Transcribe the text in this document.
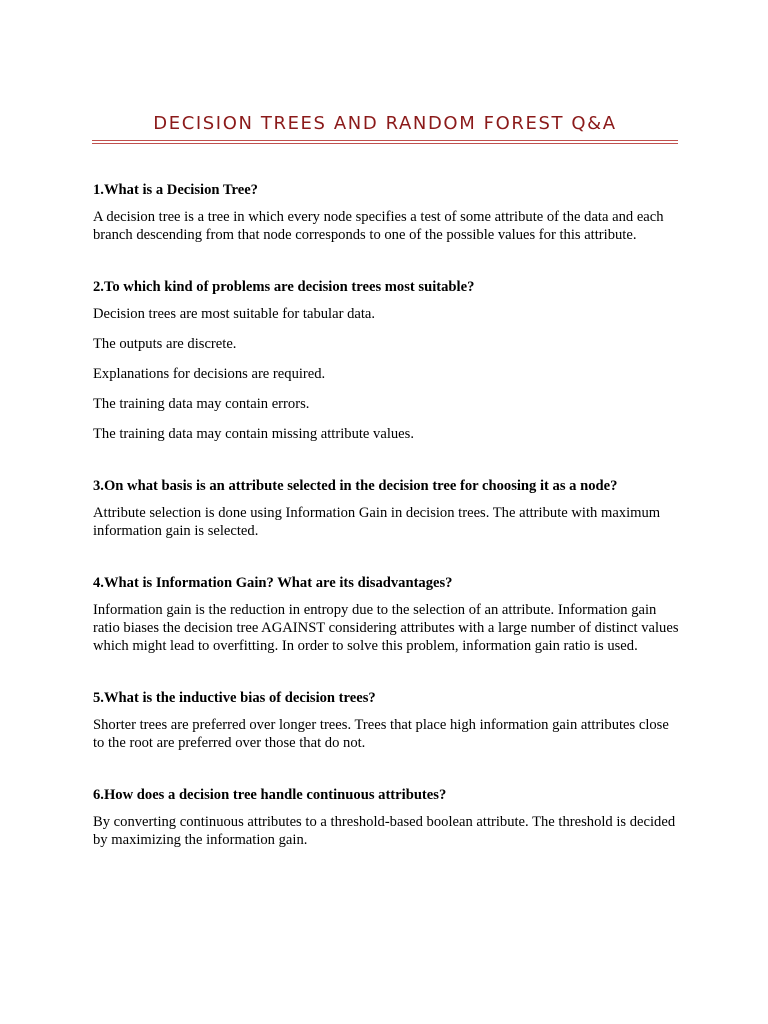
DECISION TREES AND RANDOM FOREST Q&A
1.What is a Decision Tree?
A decision tree is a tree in which every node specifies a test of some attribute of the data and each branch descending from that node corresponds to one of the possible values for this attribute.
2.To which kind of problems are decision trees most suitable?
Decision trees are most suitable for tabular data.
The outputs are discrete.
Explanations for decisions are required.
The training data may contain errors.
The training data may contain missing attribute values.
3.On what basis is an attribute selected in the decision tree for choosing it as a node?
Attribute selection is done using Information Gain in decision trees. The attribute with maximum information gain is selected.
4.What is Information Gain? What are its disadvantages?
Information gain is the reduction in entropy due to the selection of an attribute. Information gain ratio biases the decision tree AGAINST considering attributes with a large number of distinct values which might lead to overfitting. In order to solve this problem, information gain ratio is used.
5.What is the inductive bias of decision trees?
Shorter trees are preferred over longer trees. Trees that place high information gain attributes close to the root are preferred over those that do not.
6.How does a decision tree handle continuous attributes?
By converting continuous attributes to a threshold-based boolean attribute. The threshold is decided by maximizing the information gain.
